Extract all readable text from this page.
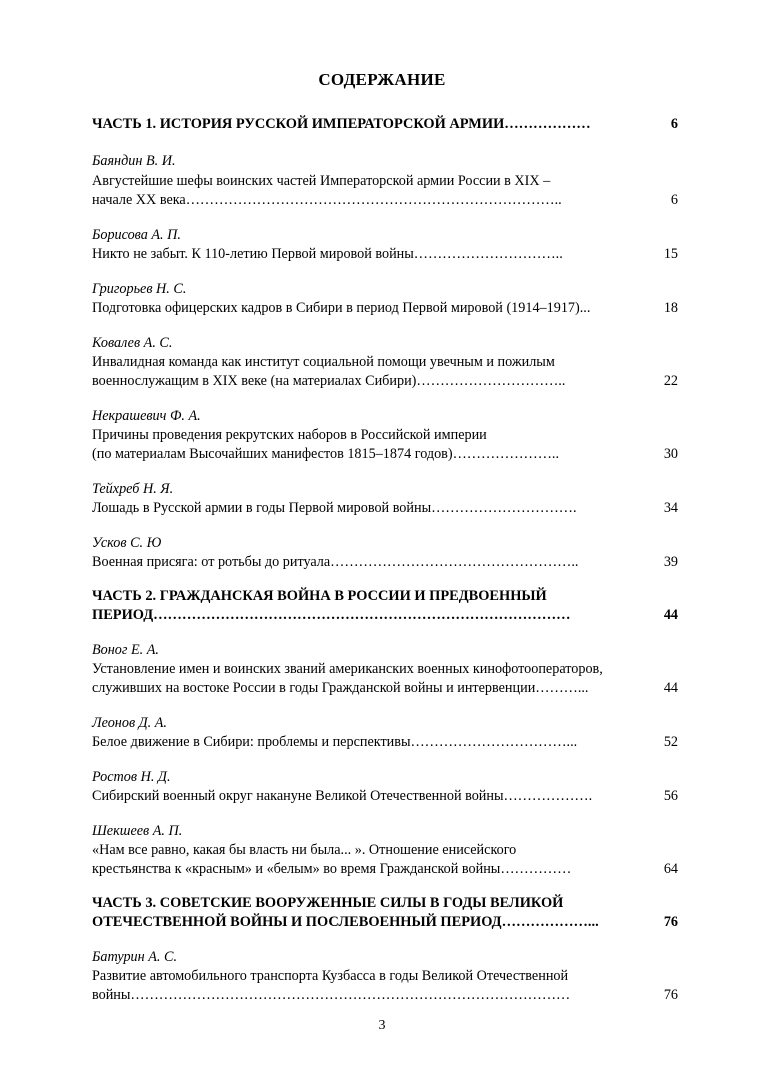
СОДЕРЖАНИЕ
ЧАСТЬ 1. ИСТОРИЯ РУССКОЙ ИМПЕРАТОРСКОЙ АРМИИ………………	6
Баяндин В. И.
Августейшие шефы воинских частей Императорской армии России в XIX –
начале XX века……………………………………………………………………..	6
Борисова А. П.
Никто не забыт. К 110-летию Первой мировой войны…………………………..	15
Григорьев Н. С.
Подготовка офицерских кадров в Сибири в период Первой мировой (1914–1917)...	18
Ковалев А. С.
Инвалидная команда как институт социальной помощи увечным и пожилым
военнослужащим в XIX веке (на материалах Сибири)…………………………..	22
Некрашевич Ф. А.
Причины проведения рекрутских наборов в Российской империи
(по материалам Высочайших манифестов 1815–1874 годов)…………………..	30
Тейхреб Н. Я.
Лошадь в Русской армии в годы Первой мировой войны………………………….	34
Усков С. Ю
Военная присяга: от ротьбы до ритуала……………………………………………..	39
ЧАСТЬ 2. ГРАЖДАНСКАЯ ВОЙНА В РОССИИ И ПРЕДВОЕННЫЙ
ПЕРИОД……………………………………………………………………………	44
Воног Е. А.
Установление имен и воинских званий американских военных кинофотооператоров,
служивших на востоке России в годы Гражданской войны и интервенции………...	44
Леонов Д. А.
Белое движение в Сибири: проблемы и перспективы……………………………...	52
Ростов Н. Д.
Сибирский военный округ накануне Великой Отечественной войны……………….	56
Шекшеев А. П.
«Нам все равно, какая бы власть ни была... ». Отношение енисейского
крестьянства к «красным» и «белым» во время Гражданской войны……………	64
ЧАСТЬ 3. СОВЕТСКИЕ ВООРУЖЕННЫЕ СИЛЫ В ГОДЫ ВЕЛИКОЙ
ОТЕЧЕСТВЕННОЙ ВОЙНЫ И ПОСЛЕВОЕННЫЙ ПЕРИОД………………...	76
Батурин А. С.
Развитие автомобильного транспорта Кузбасса в годы Великой Отечественной
войны…………………………………………………………………………………	76
3
